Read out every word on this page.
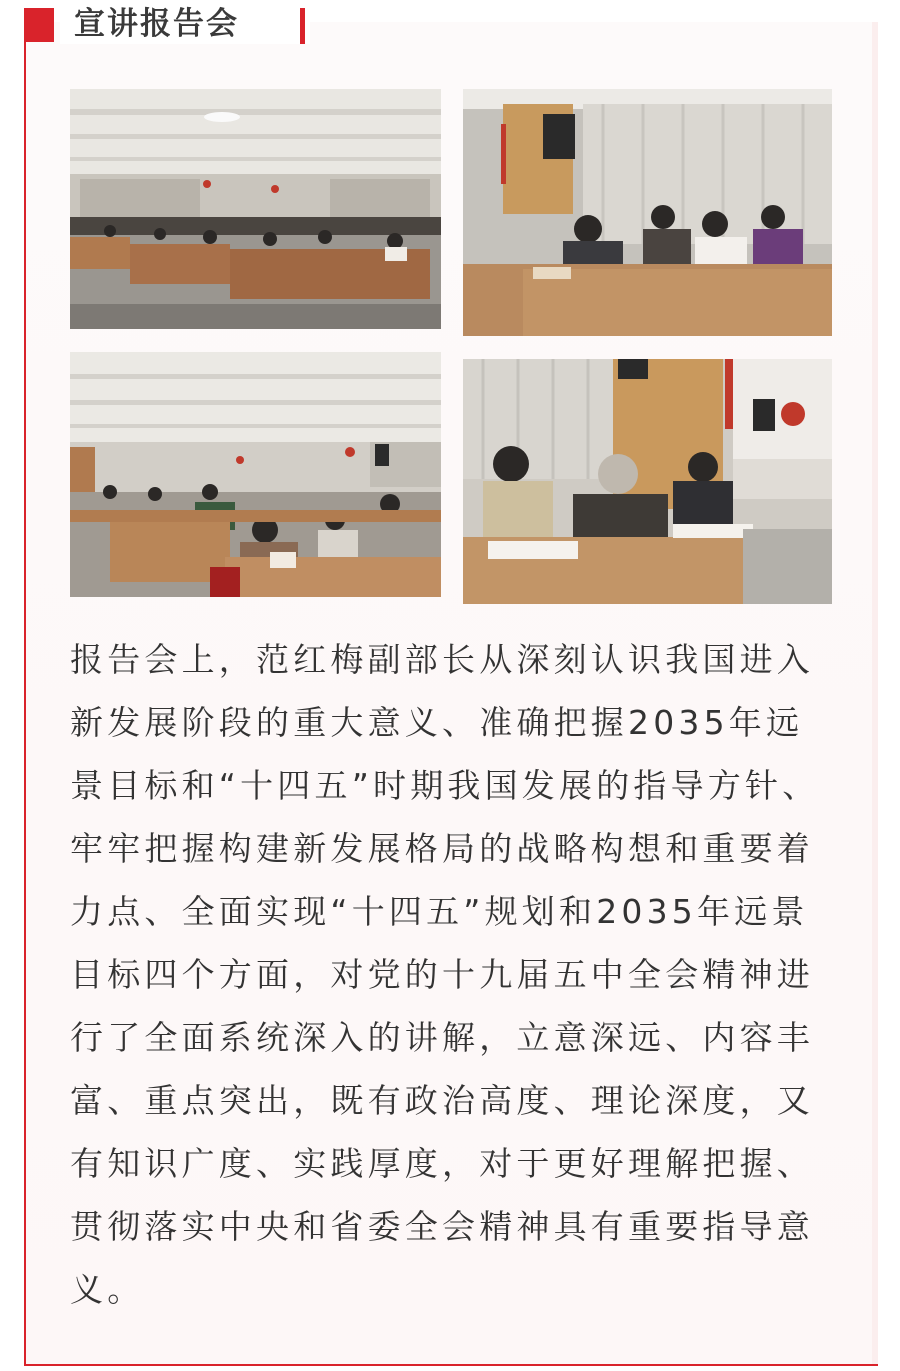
宣讲报告会

报告会上，范红梅副部长从深刻认识我国进入新发展阶段的重大意义、准确把握2035年远景目标和“十四五”时期我国发展的指导方针、牢牢把握构建新发展格局的战略构想和重要着力点、全面实现“十四五”规划和2035年远景目标四个方面，对党的十九届五中全会精神进行了全面系统深入的讲解，立意深远、内容丰富、重点突出，既有政治高度、理论深度，又有知识广度、实践厚度，对于更好理解把握、贯彻落实中央和省委全会精神具有重要指导意义。
